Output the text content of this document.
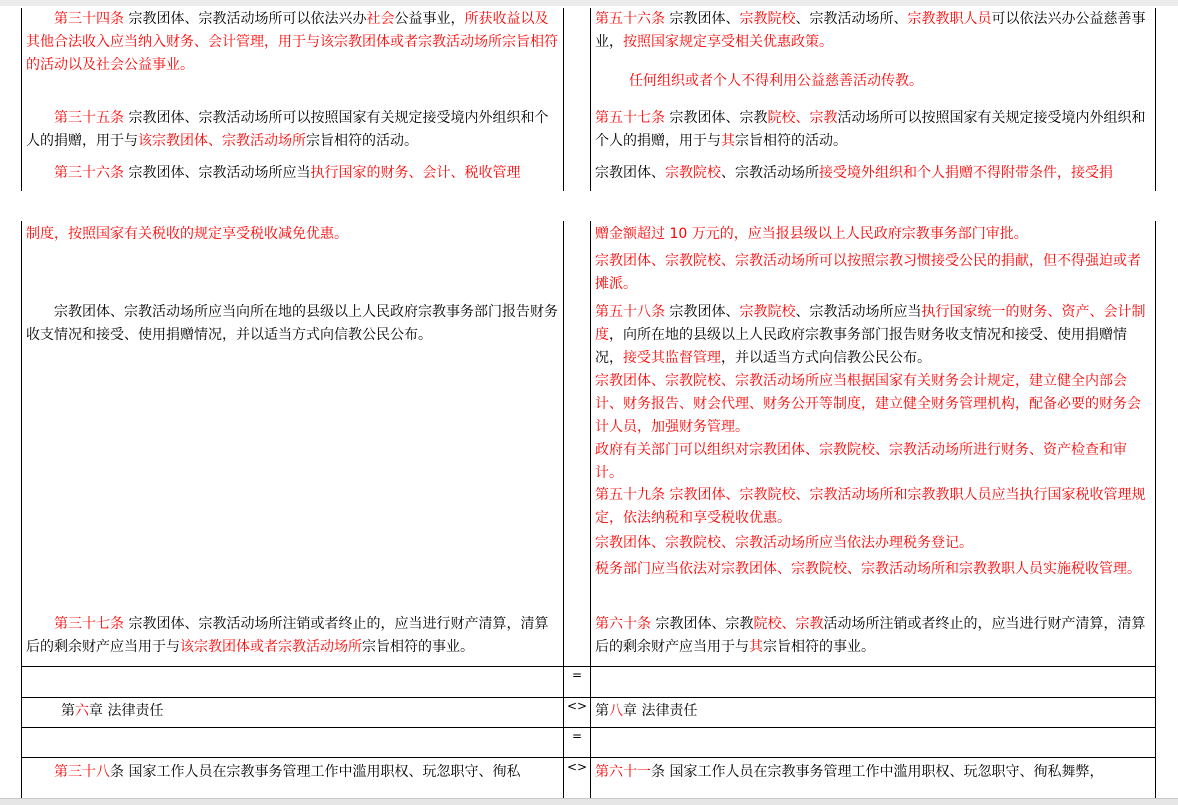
第三十四条 宗教团体、宗教活动场所可以依法兴办社会公益事业，所获收益以及其他合法收入应当纳入财务、会计管理，用于与该宗教团体或者宗教活动场所宗旨相符的活动以及社会公益事业。
第三十五条 宗教团体、宗教活动场所可以按照国家有关规定接受境内外组织和个人的捐赠，用于与该宗教团体、宗教活动场所宗旨相符的活动。
第三十六条 宗教团体、宗教活动场所应当执行国家的财务、会计、税收管理
第五十六条 宗教团体、宗教院校、宗教活动场所、宗教教职人员可以依法兴办公益慈善事业，按照国家规定享受相关优惠政策。
任何组织或者个人不得利用公益慈善活动传教。
第五十七条 宗教团体、宗教院校、宗教活动场所可以按照国家有关规定接受境内外组织和个人的捐赠，用于与其宗旨相符的活动。
宗教团体、宗教院校、宗教活动场所接受境外组织和个人捐赠不得附带条件，接受捐
制度，按照国家有关税收的规定享受税收减免优惠。
宗教团体、宗教活动场所应当向所在地的县级以上人民政府宗教事务部门报告财务收支情况和接受、使用捐赠情况，并以适当方式向信教公民公布。
第三十七条 宗教团体、宗教活动场所注销或者终止的，应当进行财产清算，清算后的剩余财产应当用于与该宗教团体或者宗教活动场所宗旨相符的事业。
赠金额超过 10 万元的，应当报县级以上人民政府宗教事务部门审批。
宗教团体、宗教院校、宗教活动场所可以按照宗教习惯接受公民的捐献，但不得强迫或者摊派。
第五十八条 宗教团体、宗教院校、宗教活动场所应当执行国家统一的财务、资产、会计制度，向所在地的县级以上人民政府宗教事务部门报告财务收支情况和接受、使用捐赠情况，接受其监督管理，并以适当方式向信教公民公布。
宗教团体、宗教院校、宗教活动场所应当根据国家有关财务会计规定，建立健全内部会计、财务报告、财会代理、财务公开等制度，建立健全财务管理机构，配备必要的财务会计人员，加强财务管理。
政府有关部门可以组织对宗教团体、宗教院校、宗教活动场所进行财务、资产检查和审计。
第五十九条 宗教团体、宗教院校、宗教活动场所和宗教教职人员应当执行国家税收管理规定，依法纳税和享受税收优惠。
宗教团体、宗教院校、宗教活动场所应当依法办理税务登记。
税务部门应当依法对宗教团体、宗教院校、宗教活动场所和宗教教职人员实施税收管理。
第六十条 宗教团体、宗教院校、宗教活动场所注销或者终止的，应当进行财产清算，清算后的剩余财产应当用于与其宗旨相符的事业。
=
第六章 法律责任	<> 第八章 法律责任
=
第三十八条 国家工作人员在宗教事务管理工作中滥用职权、玩忽职守、徇私	<> 第六十一条 国家工作人员在宗教事务管理工作中滥用职权、玩忽职守、徇私舞弊，
